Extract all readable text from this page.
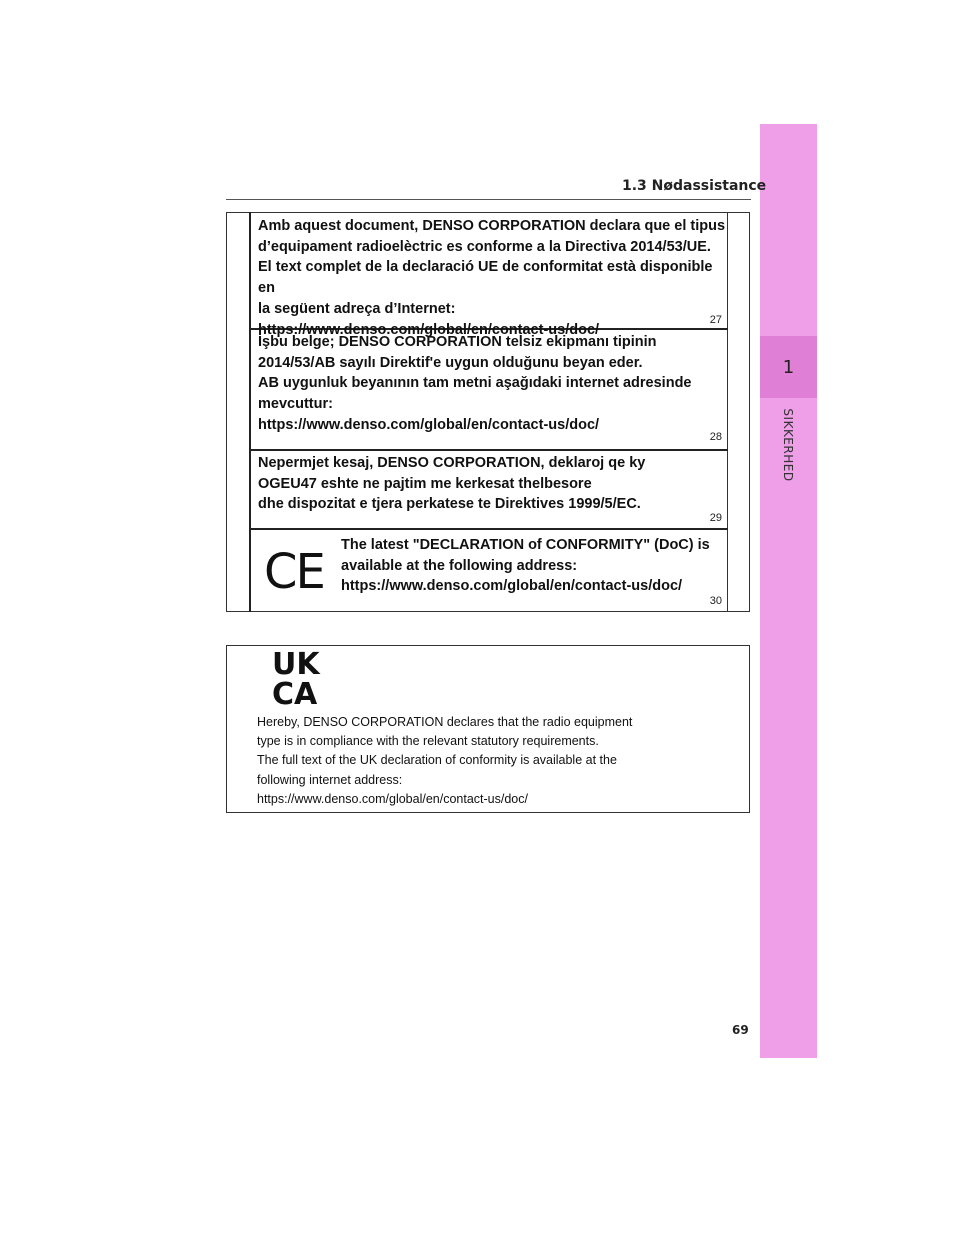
1
SIKKERHED
1.3 Nødassistance

Amb aquest document, DENSO CORPORATION declara que el tipus
d’equipament radioelèctric es conforme a la Directiva 2014/53/UE.
El text complet de la declaració UE de conformitat està disponible en
la següent adreça d’Internet:
https://www.denso.com/global/en/contact-us/doc/

27

İşbu belge; DENSO CORPORATION telsiz ekipmanı tipinin
2014/53/AB sayılı Direktif'e uygun olduğunu beyan eder.
AB uygunluk beyanının tam metni aşağıdaki internet adresinde
mevcuttur:
https://www.denso.com/global/en/contact-us/doc/

28

Nepermjet kesaj, DENSO CORPORATION, deklaroj qe ky
OGEU47 eshte ne pajtim me kerkesat thelbesore
dhe dispozitat e tjera perkatese te Direktives 1999/5/EC.

29
CE The latest "DECLARATION of CONFORMITY" (DoC) is
available at the following address:
https://www.denso.com/global/en/contact-us/doc/

30
UK
CA

Hereby, DENSO CORPORATION declares that the radio equipment
type is in compliance with the relevant statutory requirements.
The full text of the UK declaration of conformity is available at the
following internet address:
https://www.denso.com/global/en/contact-us/doc/

69
